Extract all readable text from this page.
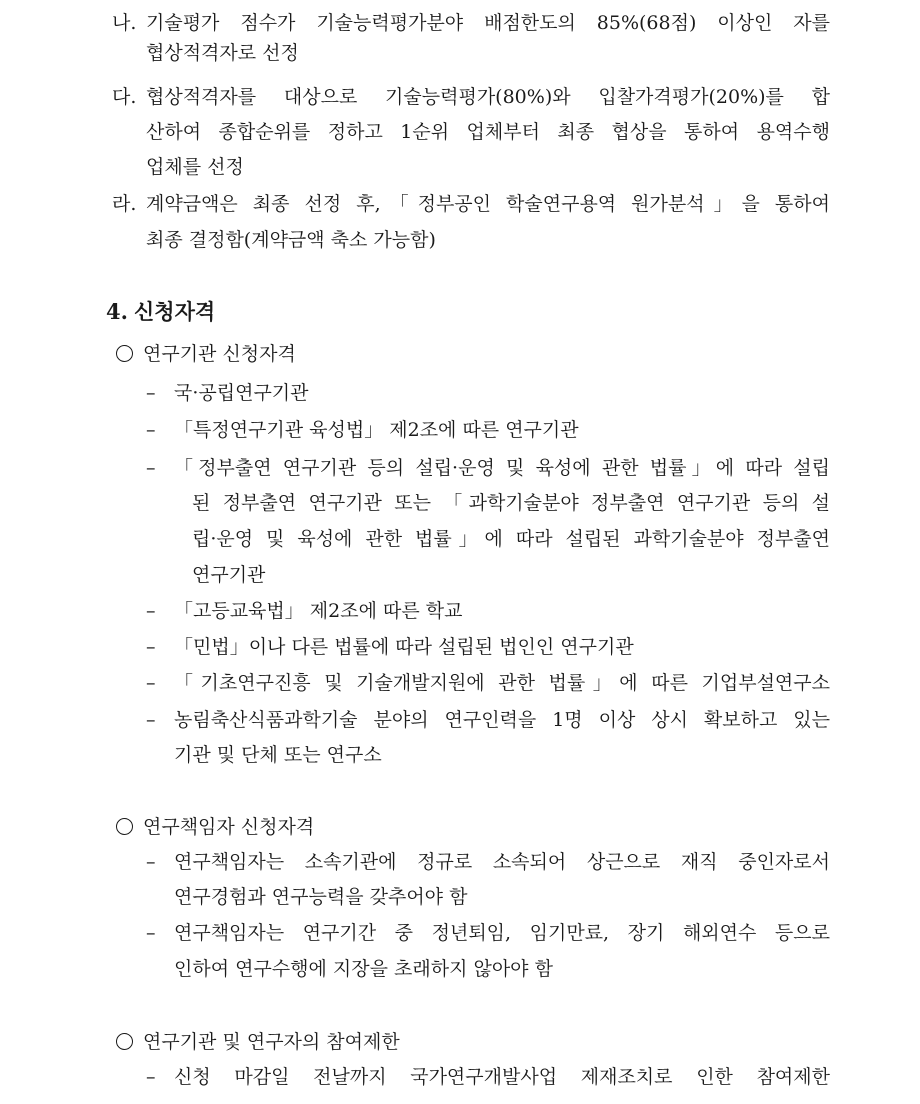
나. 기술평가 점수가 기술능력평가분야 배점한도의 85%(68점) 이상인 자를
협상적격자로 선정
다. 협상적격자를 대상으로 기술능력평가(80%)와 입찰가격평가(20%)를 합
산하여 종합순위를 정하고 1순위 업체부터 최종 협상을 통하여 용역수행
업체를 선정
라. 계약금액은 최종 선정 후,「정부공인 학술연구용역 원가분석」을 통하여
최종 결정함(계약금액 축소 가능함)
4. 신청자격
연구기관 신청자격
– 국·공립연구기관
– 「특정연구기관 육성법」 제2조에 따른 연구기관
– 「정부출연 연구기관 등의 설립·운영 및 육성에 관한 법률」에 따라 설립
된 정부출연 연구기관 또는 「과학기술분야 정부출연 연구기관 등의 설
립·운영 및 육성에 관한 법률」에 따라 설립된 과학기술분야 정부출연
연구기관
– 「고등교육법」 제2조에 따른 학교
– 「민법」이나 다른 법률에 따라 설립된 법인인 연구기관
– 「기초연구진흥 및 기술개발지원에 관한 법률」에 따른 기업부설연구소
– 농림축산식품과학기술 분야의 연구인력을 1명 이상 상시 확보하고 있는
기관 및 단체 또는 연구소
연구책임자 신청자격
– 연구책임자는 소속기관에 정규로 소속되어 상근으로 재직 중인자로서
연구경험과 연구능력을 갖추어야 함
– 연구책임자는 연구기간 중 정년퇴임, 임기만료, 장기 해외연수 등으로
인하여 연구수행에 지장을 초래하지 않아야 함
연구기관 및 연구자의 참여제한
– 신청 마감일 전날까지 국가연구개발사업 제재조치로 인한 참여제한
